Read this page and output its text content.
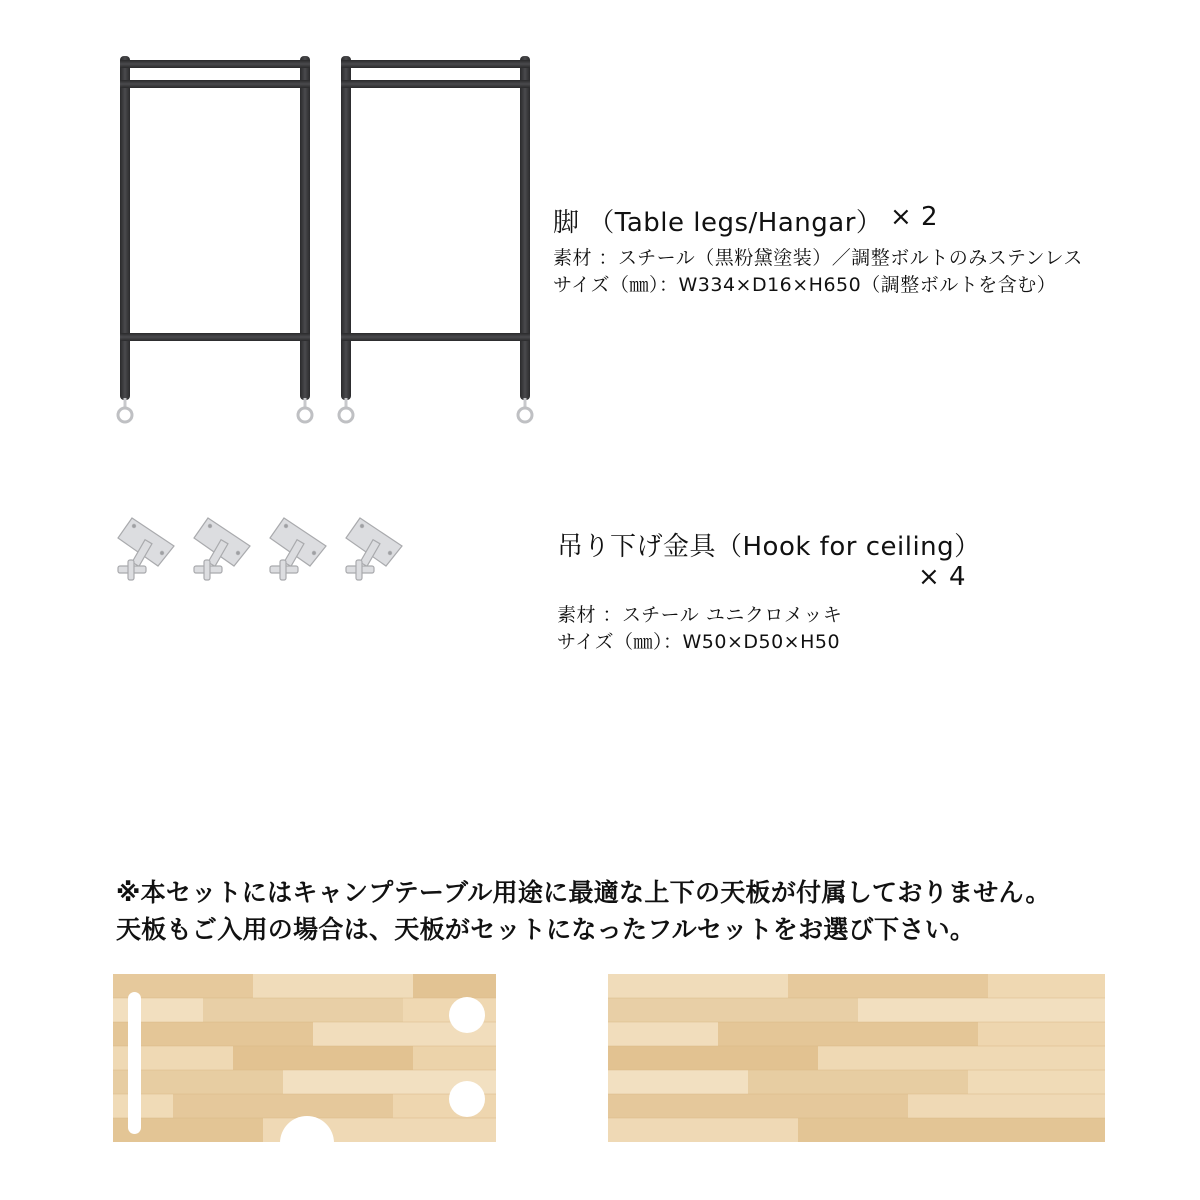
脚 （Table legs/Hangar） × 2
素材 ：スチール（黒粉黛塗装）／調整ボルトのみステンレス
サイズ（㎜）：W334×D16×H650（調整ボルトを含む）
吊り下げ金具（Hook for ceiling）
× 4
素材 ：スチール ユニクロメッキ
サイズ（㎜）：W50×D50×H50
※本セットにはキャンプテーブル用途に最適な上下の天板が付属しておりません。
天板もご入用の場合は、天板がセットになったフルセットをお選び下さい。
